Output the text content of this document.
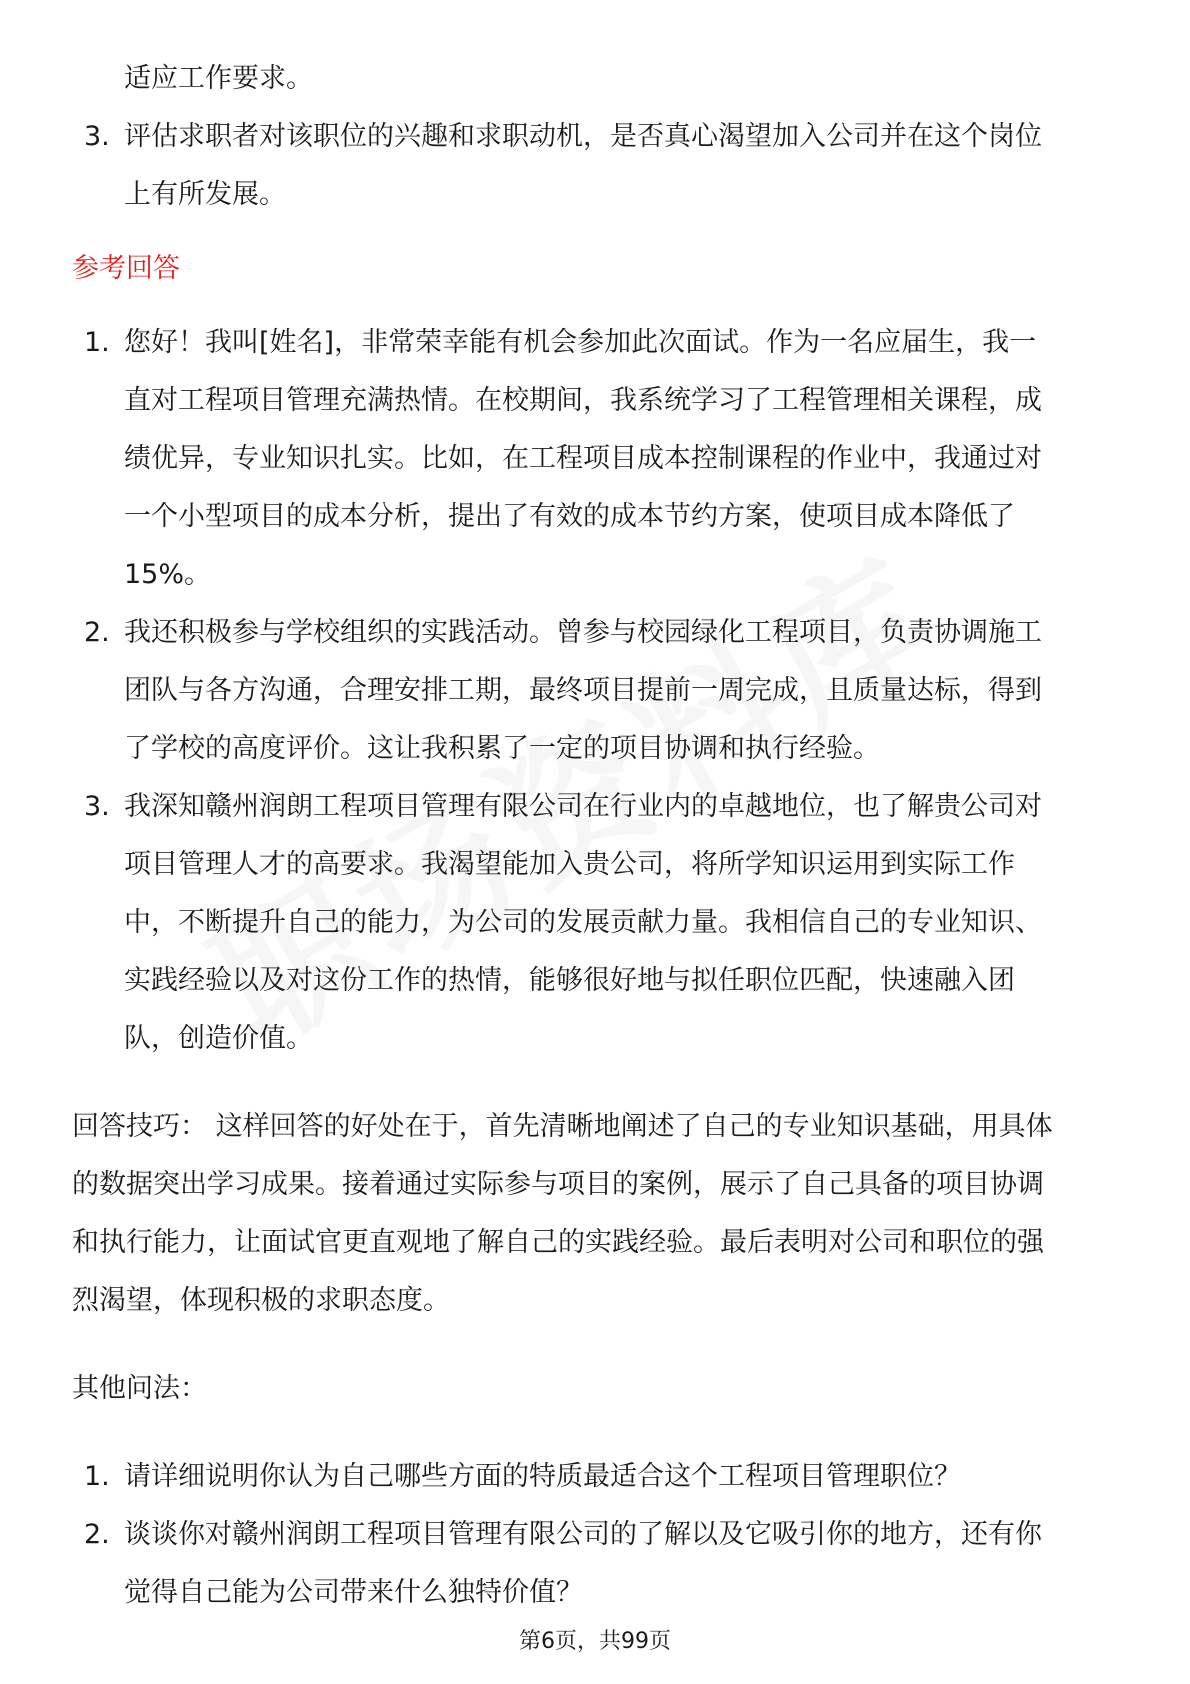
适应工作要求。
3. 评估求职者对该职位的兴趣和求职动机，是否真心渴望加入公司并在这个岗位
上有所发展。
参考回答
1. 您好！我叫[姓名]，非常荣幸能有机会参加此次面试。作为一名应届生，我一
直对工程项目管理充满热情。在校期间，我系统学习了工程管理相关课程，成
绩优异，专业知识扎实。比如，在工程项目成本控制课程的作业中，我通过对
一个小型项目的成本分析，提出了有效的成本节约方案，使项目成本降低了
15%。
2. 我还积极参与学校组织的实践活动。曾参与校园绿化工程项目，负责协调施工
团队与各方沟通，合理安排工期，最终项目提前一周完成，且质量达标，得到
了学校的高度评价。这让我积累了一定的项目协调和执行经验。
3. 我深知赣州润朗工程项目管理有限公司在行业内的卓越地位，也了解贵公司对
项目管理人才的高要求。我渴望能加入贵公司，将所学知识运用到实际工作
中，不断提升自己的能力，为公司的发展贡献力量。我相信自己的专业知识、
实践经验以及对这份工作的热情，能够很好地与拟任职位匹配，快速融入团
队，创造价值。
回答技巧： 这样回答的好处在于，首先清晰地阐述了自己的专业知识基础，用具体
的数据突出学习成果。接着通过实际参与项目的案例，展示了自己具备的项目协调
和执行能力，让面试官更直观地了解自己的实践经验。最后表明对公司和职位的强
烈渴望，体现积极的求职态度。
其他问法：
1. 请详细说明你认为自己哪些方面的特质最适合这个工程项目管理职位？
2. 谈谈你对赣州润朗工程项目管理有限公司的了解以及它吸引你的地方，还有你
觉得自己能为公司带来什么独特价值？
第6页，共99页
